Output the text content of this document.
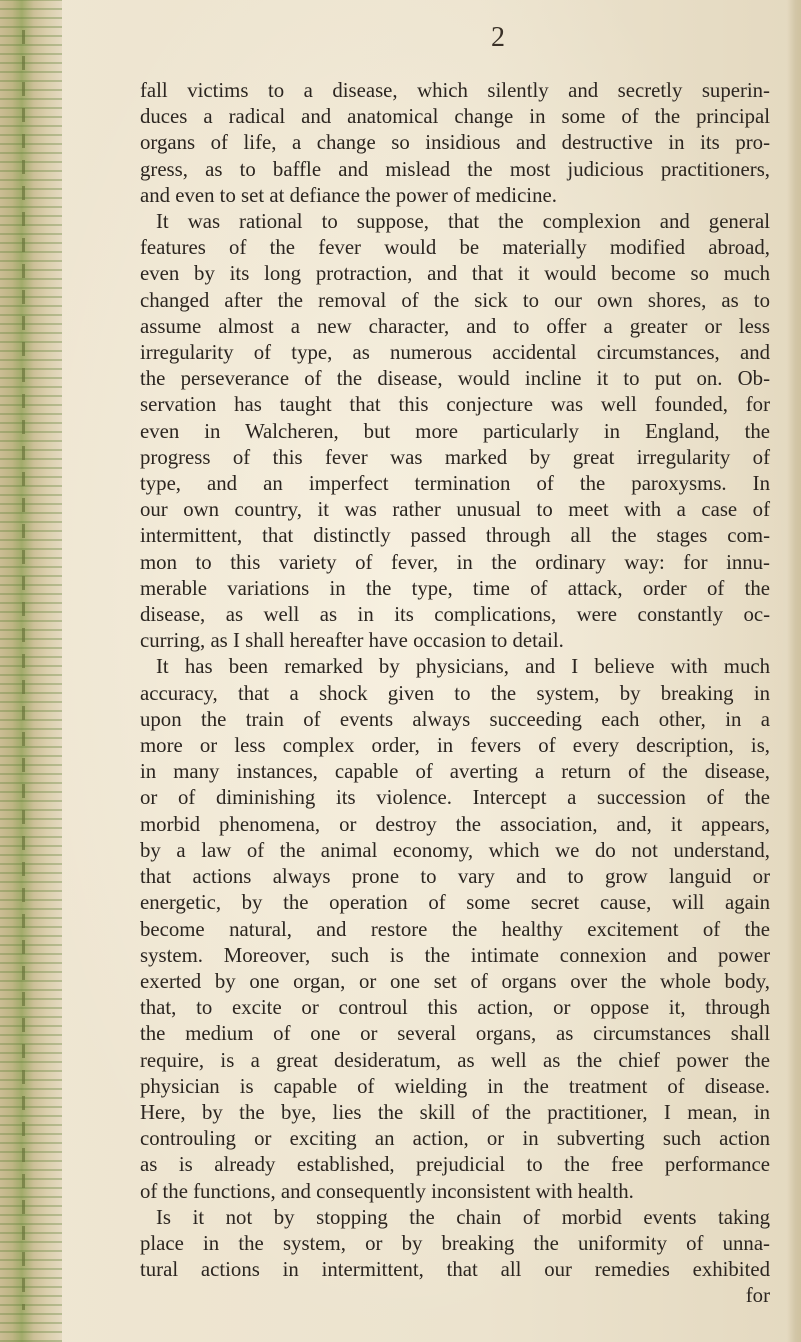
2
fall victims to a disease, which silently and secretly superin-
duces a radical and anatomical change in some of the principal
organs of life, a change so insidious and destructive in its pro-
gress, as to baffle and mislead the most judicious practitioners,
and even to set at defiance the power of medicine.
It was rational to suppose, that the complexion and general
features of the fever would be materially modified abroad,
even by its long protraction, and that it would become so much
changed after the removal of the sick to our own shores, as to
assume almost a new character, and to offer a greater or less
irregularity of type, as numerous accidental circumstances, and
the perseverance of the disease, would incline it to put on. Ob-
servation has taught that this conjecture was well founded, for
even in Walcheren, but more particularly in England, the
progress of this fever was marked by great irregularity of
type, and an imperfect termination of the paroxysms. In
our own country, it was rather unusual to meet with a case of
intermittent, that distinctly passed through all the stages com-
mon to this variety of fever, in the ordinary way: for innu-
merable variations in the type, time of attack, order of the
disease, as well as in its complications, were constantly oc-
curring, as I shall hereafter have occasion to detail.
It has been remarked by physicians, and I believe with much
accuracy, that a shock given to the system, by breaking in
upon the train of events always succeeding each other, in a
more or less complex order, in fevers of every description, is,
in many instances, capable of averting a return of the disease,
or of diminishing its violence. Intercept a succession of the
morbid phenomena, or destroy the association, and, it appears,
by a law of the animal economy, which we do not understand,
that actions always prone to vary and to grow languid or
energetic, by the operation of some secret cause, will again
become natural, and restore the healthy excitement of the
system. Moreover, such is the intimate connexion and power
exerted by one organ, or one set of organs over the whole body,
that, to excite or controul this action, or oppose it, through
the medium of one or several organs, as circumstances shall
require, is a great desideratum, as well as the chief power the
physician is capable of wielding in the treatment of disease.
Here, by the bye, lies the skill of the practitioner, I mean, in
controuling or exciting an action, or in subverting such action
as is already established, prejudicial to the free performance
of the functions, and consequently inconsistent with health.
Is it not by stopping the chain of morbid events taking
place in the system, or by breaking the uniformity of unna-
tural actions in intermittent, that all our remedies exhibited
for
